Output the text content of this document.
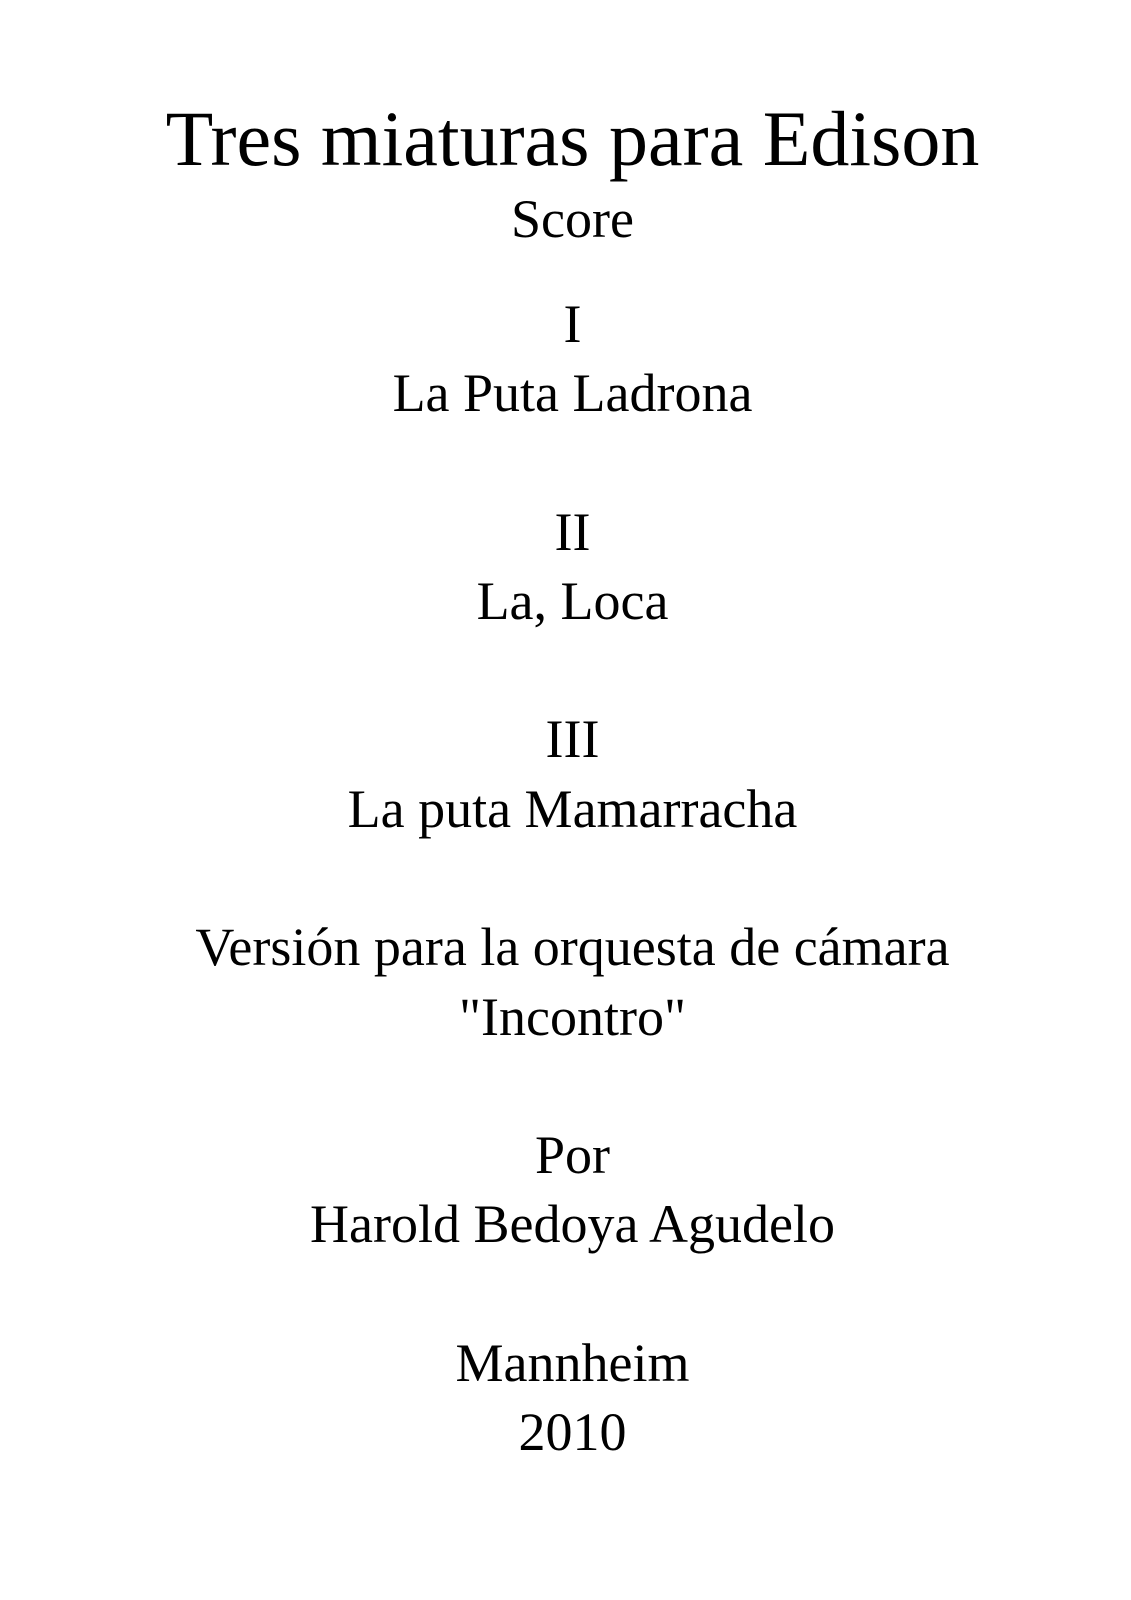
Tres miaturas para Edison
Score
I
La Puta Ladrona
II
La, Loca
III
La puta Mamarracha
Versión para la orquesta de cámara
"Incontro"
Por
Harold Bedoya Agudelo
Mannheim
2010
